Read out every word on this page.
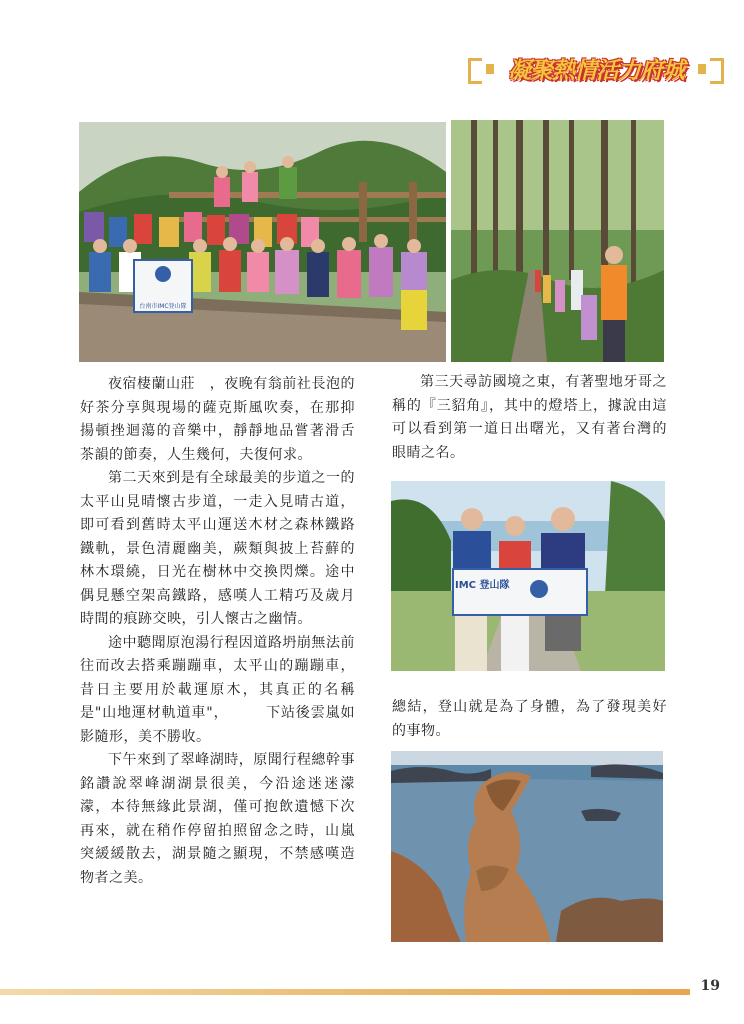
凝聚熱情活力府城
台南市IMC登山隊
IMC 登山隊

夜宿棲蘭山莊　，夜晚有翁前社長泡的好茶分享與現場的薩克斯風吹奏，在那抑揚頓挫迴蕩的音樂中，靜靜地品嘗著滑舌茶韻的節奏，人生幾何，夫復何求。

第二天來到是有全球最美的步道之一的太平山見晴懷古步道，一走入見晴古道，即可看到舊時太平山運送木材之森林鐵路鐵軌，景色清麗幽美，蕨類與披上苔蘚的林木環繞，日光在樹林中交換閃爍。途中偶見懸空架高鐵路，感嘆人工精巧及歲月時間的痕跡交映，引人懷古之幽情。

途中聽聞原泡湯行程因道路坍崩無法前往而改去搭乘蹦蹦車，太平山的蹦蹦車，昔日主要用於載運原木，其真正的名稱是"山地運材軌道車"，　　　下站後雲嵐如影隨形，美不勝收。

下午來到了翠峰湖時，原聞行程總幹事銘讚說翠峰湖湖景很美，今沿途迷迷濛濛，本待無緣此景湖，僅可抱飲遺憾下次再來，就在稍作停留拍照留念之時，山嵐突緩緩散去，湖景隨之顯現，不禁感嘆造物者之美。

第三天尋訪國境之東，有著聖地牙哥之稱的『三貂角』，其中的燈塔上，據說由這可以看到第一道日出曙光，又有著台灣的眼睛之名。

總結，登山就是為了身體，為了發現美好的事物。

19
